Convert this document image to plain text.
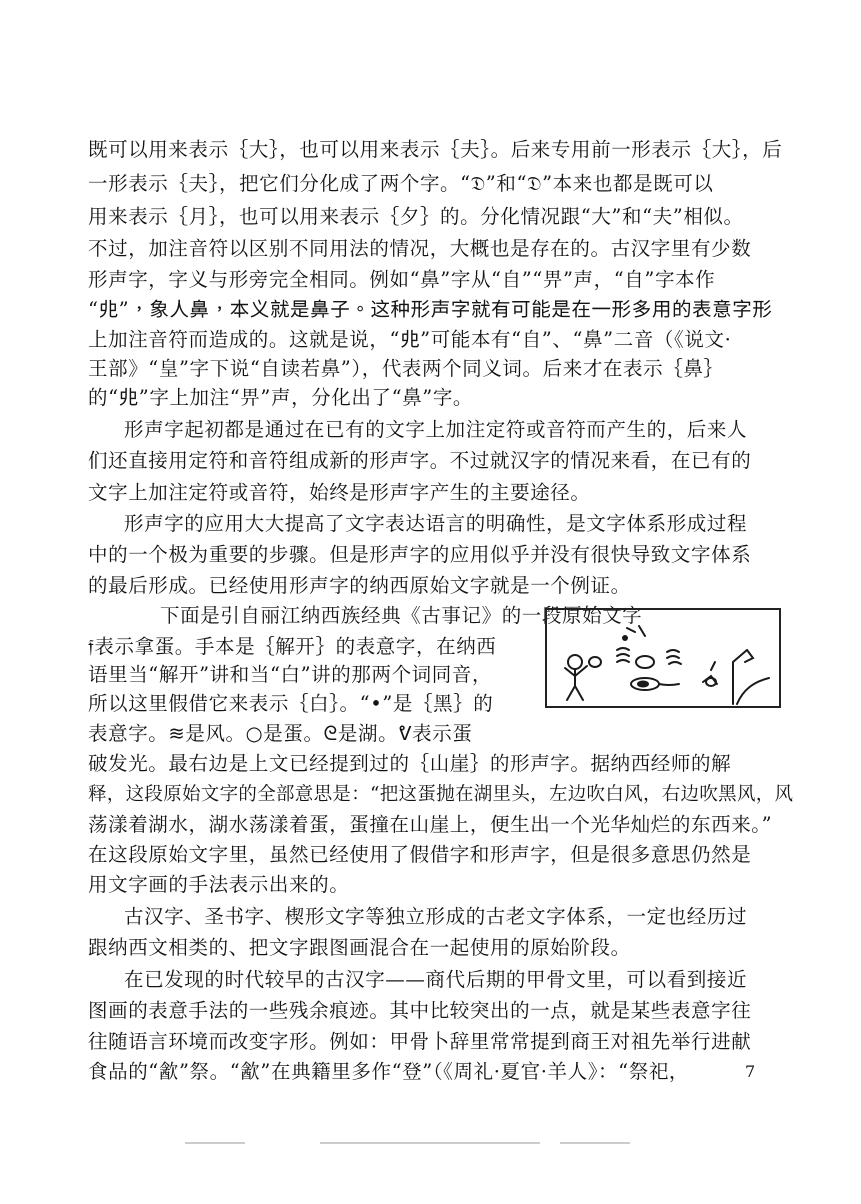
既可以用来表示｛大｝，也可以用来表示｛夫｝。后来专用前一形表示｛大｝，后
一形表示｛夫｝，把它们分化成了两个字。“𝔇”和“𝔇”本来也都是既可以
用来表示｛月｝，也可以用来表示｛夕｝的。分化情况跟“大”和“夫”相似。
不过，加注音符以区别不同用法的情况，大概也是存在的。古汉字里有少数
形声字，字义与形旁完全相同。例如“鼻”字从“自”“畀”声，“自”字本作
“𠑹”，象人鼻，本义就是鼻子。这种形声字就有可能是在一形多用的表意字形
上加注音符而造成的。这就是说，“𠑹”可能本有“自”、“鼻”二音（《说文·
王部》“皇”字下说“自读若鼻”），代表两个同义词。后来才在表示｛鼻｝
的“𠑹”字上加注“畀”声，分化出了“鼻”字。
形声字起初都是通过在已有的文字上加注定符或音符而产生的，后来人
们还直接用定符和音符组成新的形声字。不过就汉字的情况来看，在已有的
文字上加注定符或音符，始终是形声字产生的主要途径。
形声字的应用大大提高了文字表达语言的明确性，是文字体系形成过程
中的一个极为重要的步骤。但是形声字的应用似乎并没有很快导致文字体系
的最后形成。已经使用形声字的纳西原始文字就是一个例证。
下面是引自丽江纳西族经典《古事记》的一段原始文字
𝔣表示拿蛋。手本是｛解开｝的表意字，在纳西
语里当“解开”讲和当“白”讲的那两个词同音，
所以这里假借它来表示｛白｝。“•”是｛黑｝的
表意字。≋是风。○是蛋。ᘓ是湖。ᕓ表示蛋
破发光。最右边是上文已经提到过的｛山崖｝的形声字。据纳西经师的解
释，这段原始文字的全部意思是：“把这蛋抛在湖里头，左边吹白风，右边吹黑风，风
荡漾着湖水，湖水荡漾着蛋，蛋撞在山崖上，便生出一个光华灿烂的东西来。”
在这段原始文字里，虽然已经使用了假借字和形声字，但是很多意思仍然是
用文字画的手法表示出来的。
古汉字、圣书字、楔形文字等独立形成的古老文字体系，一定也经历过
跟纳西文相类的、把文字跟图画混合在一起使用的原始阶段。
在已发现的时代较早的古汉字——商代后期的甲骨文里，可以看到接近
图画的表意手法的一些残余痕迹。其中比较突出的一点，就是某些表意字往
往随语言环境而改变字形。例如：甲骨卜辞里常常提到商王对祖先举行进献
食品的“㱃”祭。“㱃”在典籍里多作“登”（《周礼·夏官·羊人》：“祭祀，	7
